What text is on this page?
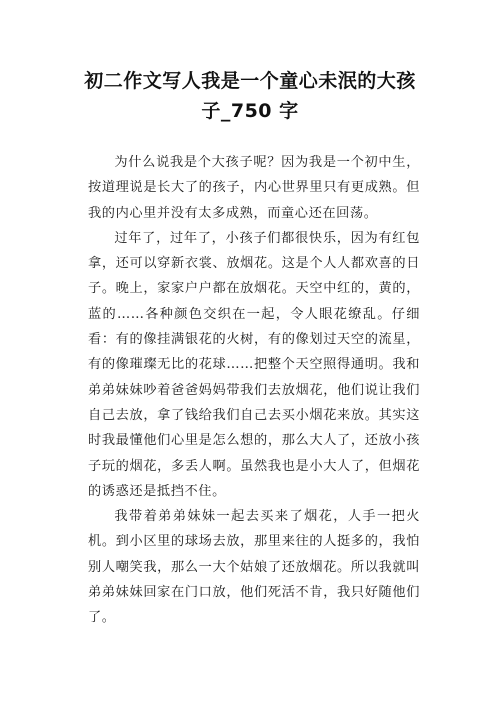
初二作文写人我是一个童心未泯的大孩
子_750 字

为什么说我是个大孩子呢？因为我是一个初中生，按道理说是长大了的孩子，内心世界里只有更成熟。但我的内心里并没有太多成熟，而童心还在回荡。

过年了，过年了，小孩子们都很快乐，因为有红包拿，还可以穿新衣裳、放烟花。这是个人人都欢喜的日子。晚上，家家户户都在放烟花。天空中红的，黄的，蓝的……各种颜色交织在一起，令人眼花缭乱。仔细看：有的像挂满银花的火树，有的像划过天空的流星，有的像璀璨无比的花球……把整个天空照得通明。我和弟弟妹妹吵着爸爸妈妈带我们去放烟花，他们说让我们自己去放，拿了钱给我们自己去买小烟花来放。其实这时我最懂他们心里是怎么想的，那么大人了，还放小孩子玩的烟花，多丢人啊。虽然我也是小大人了，但烟花的诱惑还是抵挡不住。

我带着弟弟妹妹一起去买来了烟花，人手一把火机。到小区里的球场去放，那里来往的人挺多的，我怕别人嘲笑我，那么一大个姑娘了还放烟花。所以我就叫弟弟妹妹回家在门口放，他们死活不肯，我只好随他们了。
